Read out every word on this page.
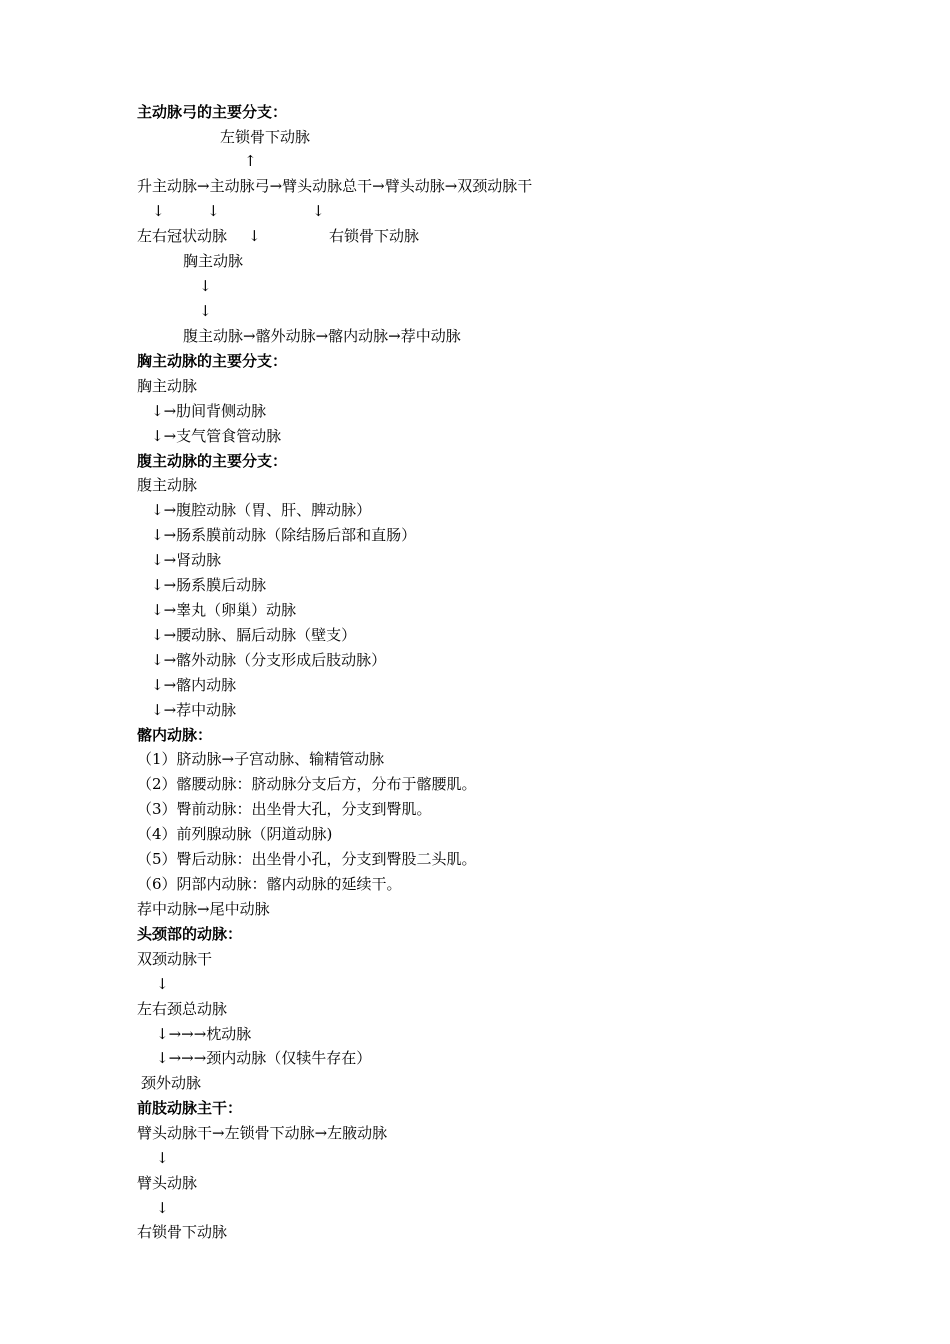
主动脉弓的主要分支：
左锁骨下动脉
↑
升主动脉→主动脉弓→臂头动脉总干→臂头动脉→双颈动脉干
↓	↓	↓
左右冠状动脉 ↓	右锁骨下动脉
胸主动脉
↓
↓
腹主动脉→髂外动脉→髂内动脉→荐中动脉
胸主动脉的主要分支：
胸主动脉
↓→肋间背侧动脉
↓→支气管食管动脉
腹主动脉的主要分支：
腹主动脉
↓→腹腔动脉（胃、肝、脾动脉）
↓→肠系膜前动脉（除结肠后部和直肠）
↓→肾动脉
↓→肠系膜后动脉
↓→睾丸（卵巢）动脉
↓→腰动脉、膈后动脉（壁支）
↓→髂外动脉（分支形成后肢动脉）
↓→髂内动脉
↓→荐中动脉
髂内动脉：
（1）脐动脉→子宫动脉、输精管动脉
（2）髂腰动脉：脐动脉分支后方，分布于髂腰肌。
（3）臀前动脉：出坐骨大孔，分支到臀肌。
（4）前列腺动脉（阴道动脉)
（5）臀后动脉：出坐骨小孔，分支到臀股二头肌。
（6）阴部内动脉：髂内动脉的延续干。
荐中动脉→尾中动脉
头颈部的动脉：
双颈动脉干
↓
左右颈总动脉
↓→→→枕动脉
↓→→→颈内动脉（仅犊牛存在）
颈外动脉
前肢动脉主干：
臂头动脉干→左锁骨下动脉→左腋动脉
↓
臂头动脉
↓
右锁骨下动脉
